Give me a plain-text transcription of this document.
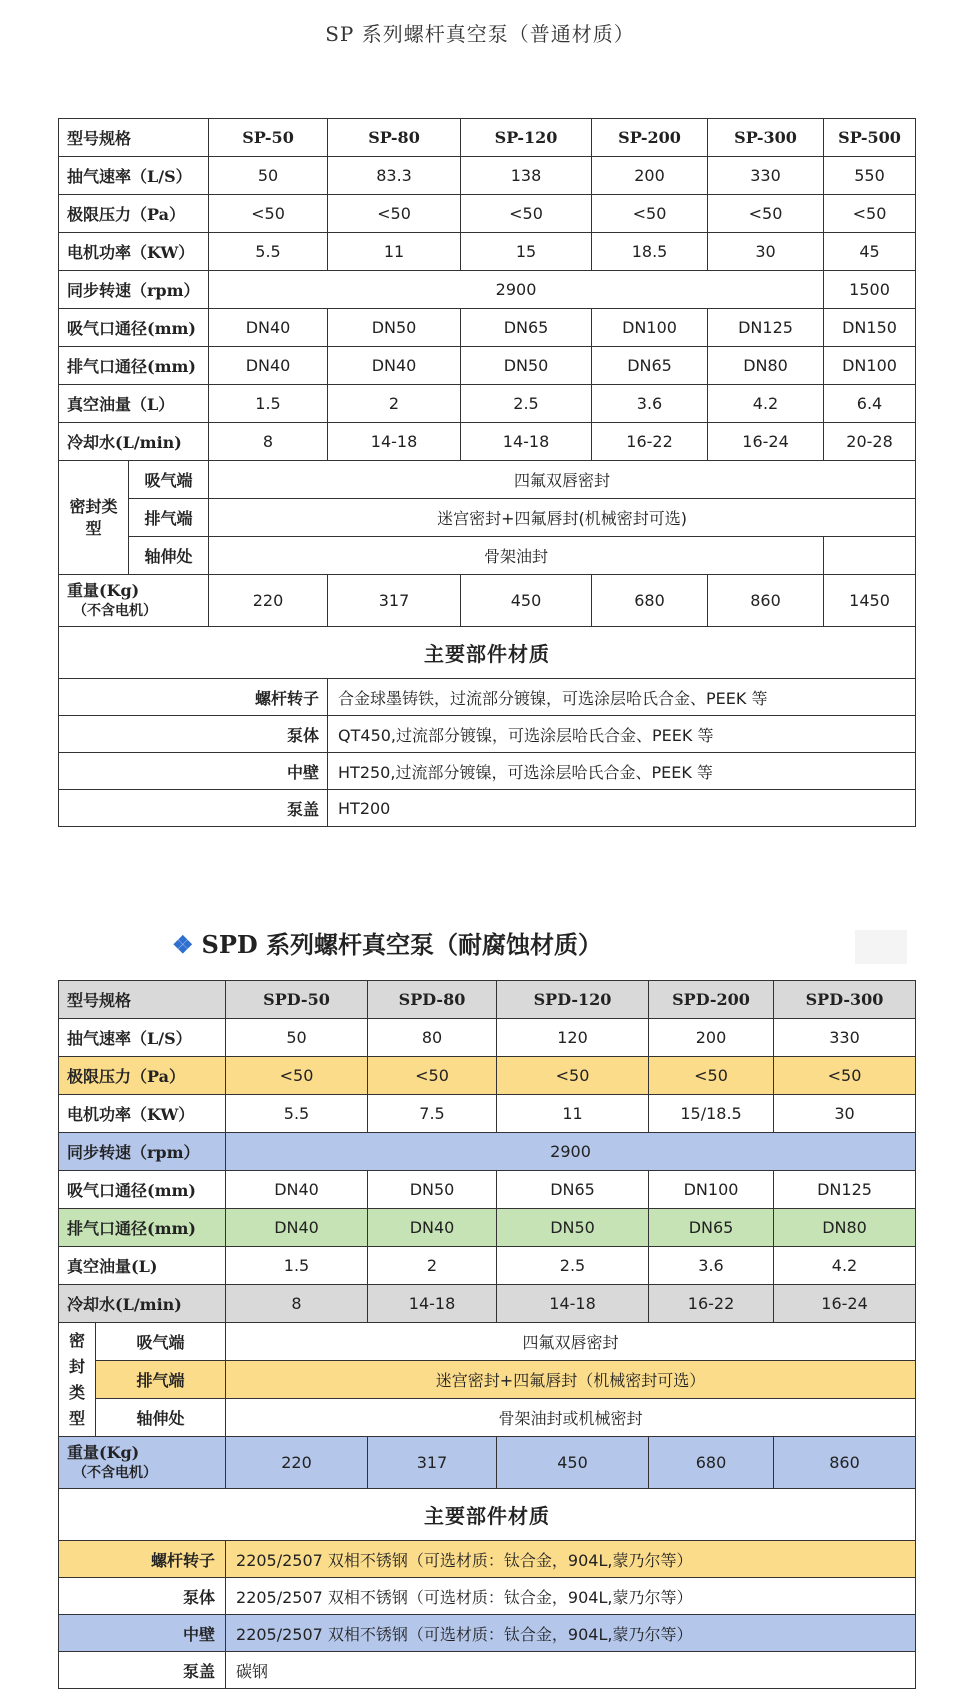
SP 系列螺杆真空泵（普通材质）
型号规格		SP-50	SP-80	SP-120	SP-200	SP-300	SP-500
抽气速率（L/S）		50	83.3	138	200	330	550
极限压力（Pa）		<50	<50	<50	<50	<50	<50
电机功率（KW）		5.5	11	15	18.5	30	45
同步转速（rpm）		2900					1500
吸气口通径(mm)		DN40	DN50	DN65	DN100	DN125	DN150
排气口通径(mm)		DN40	DN40	DN50	DN65	DN80	DN100
真空油量（L）		1.5	2	2.5	3.6	4.2	6.4
冷却水(L/min)		8	14-18	14-18	16-22	16-24	20-28
密封类型	吸气端	四氟双唇密封					
	排气端	迷宫密封+四氟唇封(机械密封可选)					
	轴伸处	骨架油封					
重量(Kg)
（不含电机）		220	317	450	680	860	1450
主要部件材质							
螺杆转子			合金球墨铸铁，过流部分镀镍，可选涂层哈氏合金、PEEK 等				
泵体			QT450,过流部分镀镍，可选涂层哈氏合金、PEEK 等				
中壁			HT250,过流部分镀镍，可选涂层哈氏合金、PEEK 等				
泵盖			HT200				
❖ SPD 系列螺杆真空泵（耐腐蚀材质）
型号规格		SPD-50	SPD-80	SPD-120	SPD-200	SPD-300
抽气速率（L/S）		50	80	120	200	330
极限压力（Pa）		<50	<50	<50	<50	<50
电机功率（KW）		5.5	7.5	11	15/18.5	30
同步转速（rpm）		2900				
吸气口通径(mm)		DN40	DN50	DN65	DN100	DN125
排气口通径(mm)		DN40	DN40	DN50	DN65	DN80
真空油量(L)		1.5	2	2.5	3.6	4.2
冷却水(L/min)		8	14-18	14-18	16-22	16-24
密封类型	吸气端	四氟双唇密封				
	排气端	迷宫密封+四氟唇封（机械密封可选）				
	轴伸处	骨架油封或机械密封				
重量(Kg)
（不含电机）		220	317	450	680	860
主要部件材质						
螺杆转子		2205/2507 双相不锈钢（可选材质：钛合金，904L,蒙乃尔等）				
泵体		2205/2507 双相不锈钢（可选材质：钛合金，904L,蒙乃尔等）				
中壁		2205/2507 双相不锈钢（可选材质：钛合金，904L,蒙乃尔等）				
泵盖		碳钢				
